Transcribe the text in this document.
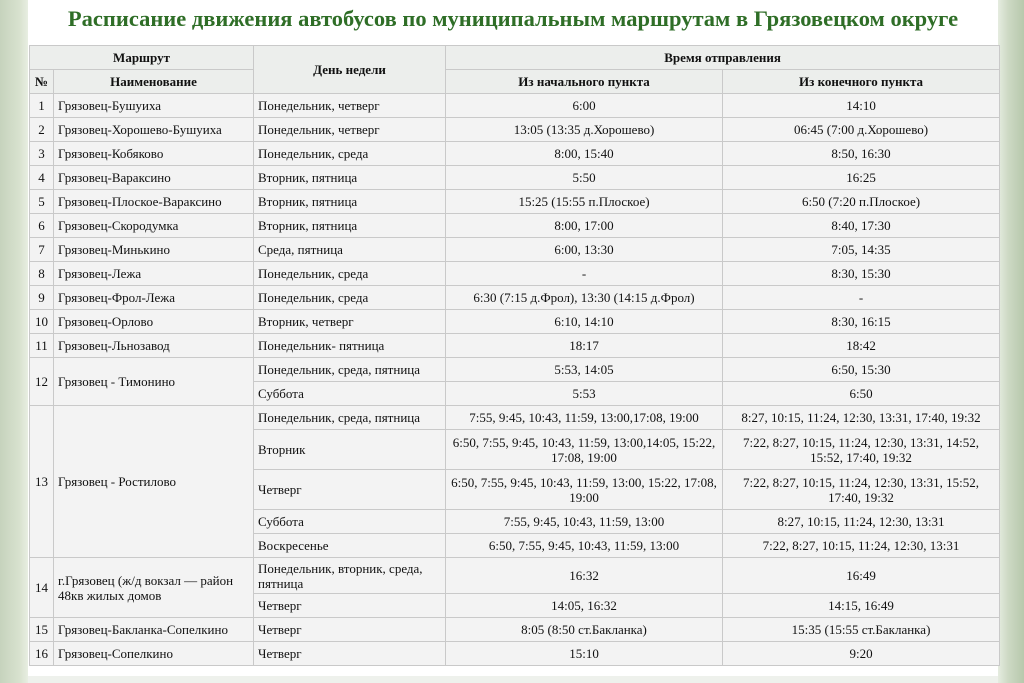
Расписание движения автобусов по муниципальным маршрутам в Грязовецком округе
Маршрут		День недели	Время отправления	
№	Наименование		Из начального пункта	Из конечного пункта
1	Грязовец-Бушуиха	Понедельник, четверг	6:00	14:10
2	Грязовец-Хорошево-Бушуиха	Понедельник, четверг	13:05 (13:35 д.Хорошево)	06:45 (7:00 д.Хорошево)
3	Грязовец-Кобяково	Понедельник, среда	8:00, 15:40	8:50, 16:30
4	Грязовец-Вараксино	Вторник, пятница	5:50	16:25
5	Грязовец-Плоское-Вараксино	Вторник, пятница	15:25 (15:55 п.Плоское)	6:50 (7:20 п.Плоское)
6	Грязовец-Скородумка	Вторник, пятница	8:00, 17:00	8:40, 17:30
7	Грязовец-Минькино	Среда, пятница	6:00, 13:30	7:05, 14:35
8	Грязовец-Лежа	Понедельник, среда	-	8:30, 15:30
9	Грязовец-Фрол-Лежа	Понедельник, среда	6:30 (7:15 д.Фрол), 13:30 (14:15 д.Фрол)	-
10	Грязовец-Орлово	Вторник, четверг	6:10, 14:10	8:30, 16:15
11	Грязовец-Льнозавод	Понедельник- пятница	18:17	18:42
12	Грязовец - Тимонино	Понедельник, среда, пятница	5:53, 14:05	6:50, 15:30
		Суббота	5:53	6:50
13	Грязовец - Ростилово	Понедельник, среда, пятница	7:55, 9:45, 10:43, 11:59, 13:00,17:08, 19:00	8:27, 10:15, 11:24, 12:30, 13:31, 17:40, 19:32
		Вторник	6:50, 7:55, 9:45, 10:43, 11:59, 13:00,14:05, 15:22, 17:08, 19:00	7:22, 8:27, 10:15, 11:24, 12:30, 13:31, 14:52, 15:52, 17:40, 19:32
		Четверг	6:50, 7:55, 9:45, 10:43, 11:59, 13:00, 15:22, 17:08, 19:00	7:22, 8:27, 10:15, 11:24, 12:30, 13:31, 15:52, 17:40, 19:32
		Суббота	7:55, 9:45, 10:43, 11:59, 13:00	8:27, 10:15, 11:24, 12:30, 13:31
		Воскресенье	6:50, 7:55, 9:45, 10:43, 11:59, 13:00	7:22, 8:27, 10:15, 11:24, 12:30, 13:31
14	г.Грязовец (ж/д вокзал — район 48кв жилых домов	Понедельник, вторник, среда, пятница	16:32	16:49
		Четверг	14:05, 16:32	14:15, 16:49
15	Грязовец-Бакланка-Сопелкино	Четверг	8:05 (8:50 ст.Бакланка)	15:35 (15:55 ст.Бакланка)
16	Грязовец-Сопелкино	Четверг	15:10	9:20
